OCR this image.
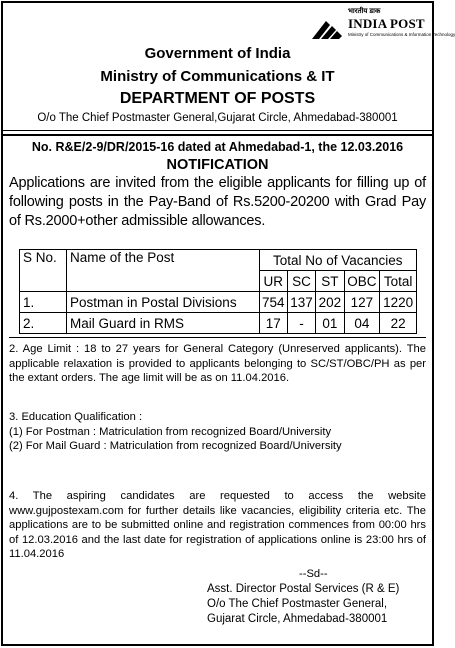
भारतीय डाक
INDIA POST
Ministry of Communications & Information Technology
Government of India
Ministry of Communications & IT
DEPARTMENT OF POSTS
O/o The Chief Postmaster General,Gujarat Circle, Ahmedabad-380001
No. R&E/2-9/DR/2015-16 dated at Ahmedabad-1, the 12.03.2016
NOTIFICATION
Applications are invited from the eligible applicants for filling up of following posts in the Pay-Band of Rs.5200-20200 with Grad Pay of Rs.2000+other admissible allowances.
S No.	Name of the Post	Total No of Vacancies				
		UR	SC	ST	OBC	Total
1.	Postman in Postal Divisions	754	137	202	127	1220
2.	Mail Guard in RMS	17	-	01	04	22
2. Age Limit : 18 to 27 years for General Category (Unreserved applicants). The applicable relaxation is provided to applicants belonging to SC/ST/OBC/PH as per the extant orders. The age limit will be as on 11.04.2016.
3. Education Qualification :
(1) For Postman : Matriculation from recognized Board/University
(2) For Mail Guard : Matriculation from recognized Board/University
4. The aspiring candidates are requested to access the website www.gujpostexam.com for further details like vacancies, eligibility criteria etc. The applications are to be submitted online and registration commences from 00:00 hrs of 12.03.2016 and the last date for registration of applications online is 23:00 hrs of 11.04.2016
--Sd--
Asst. Director Postal Services (R & E)
O/o The Chief Postmaster General,
Gujarat Circle, Ahmedabad-380001
